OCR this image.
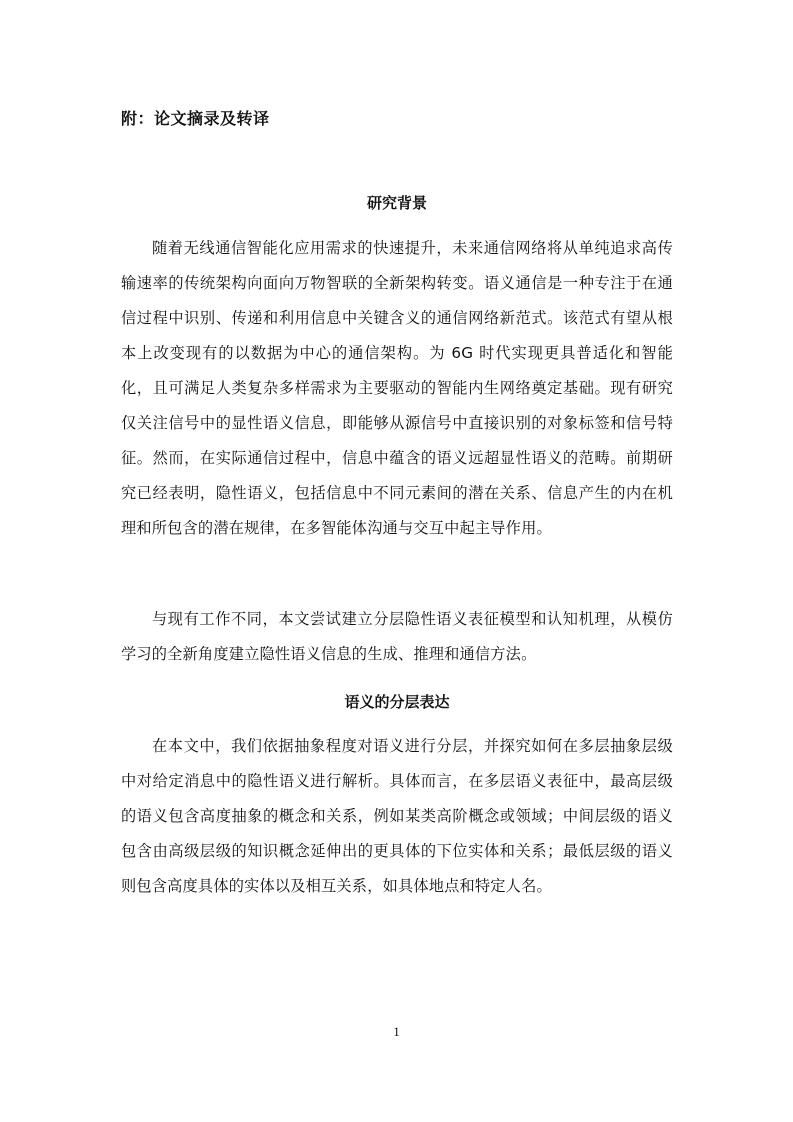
附：论文摘录及转译
研究背景

随着无线通信智能化应用需求的快速提升，未来通信网络将从单纯追求高传输速率的传统架构向面向万物智联的全新架构转变。语义通信是一种专注于在通信过程中识别、传递和利用信息中关键含义的通信网络新范式。该范式有望从根本上改变现有的以数据为中心的通信架构。为 6G 时代实现更具普适化和智能化，且可满足人类复杂多样需求为主要驱动的智能内生网络奠定基础。现有研究仅关注信号中的显性语义信息，即能够从源信号中直接识别的对象标签和信号特征。然而，在实际通信过程中，信息中蕴含的语义远超显性语义的范畴。前期研究已经表明，隐性语义，包括信息中不同元素间的潜在关系、信息产生的内在机理和所包含的潜在规律，在多智能体沟通与交互中起主导作用。

与现有工作不同，本文尝试建立分层隐性语义表征模型和认知机理，从模仿学习的全新角度建立隐性语义信息的生成、推理和通信方法。

语义的分层表达

在本文中，我们依据抽象程度对语义进行分层，并探究如何在多层抽象层级中对给定消息中的隐性语义进行解析。具体而言，在多层语义表征中，最高层级的语义包含高度抽象的概念和关系，例如某类高阶概念或领域；中间层级的语义包含由高级层级的知识概念延伸出的更具体的下位实体和关系；最低层级的语义则包含高度具体的实体以及相互关系，如具体地点和特定人名。

1
